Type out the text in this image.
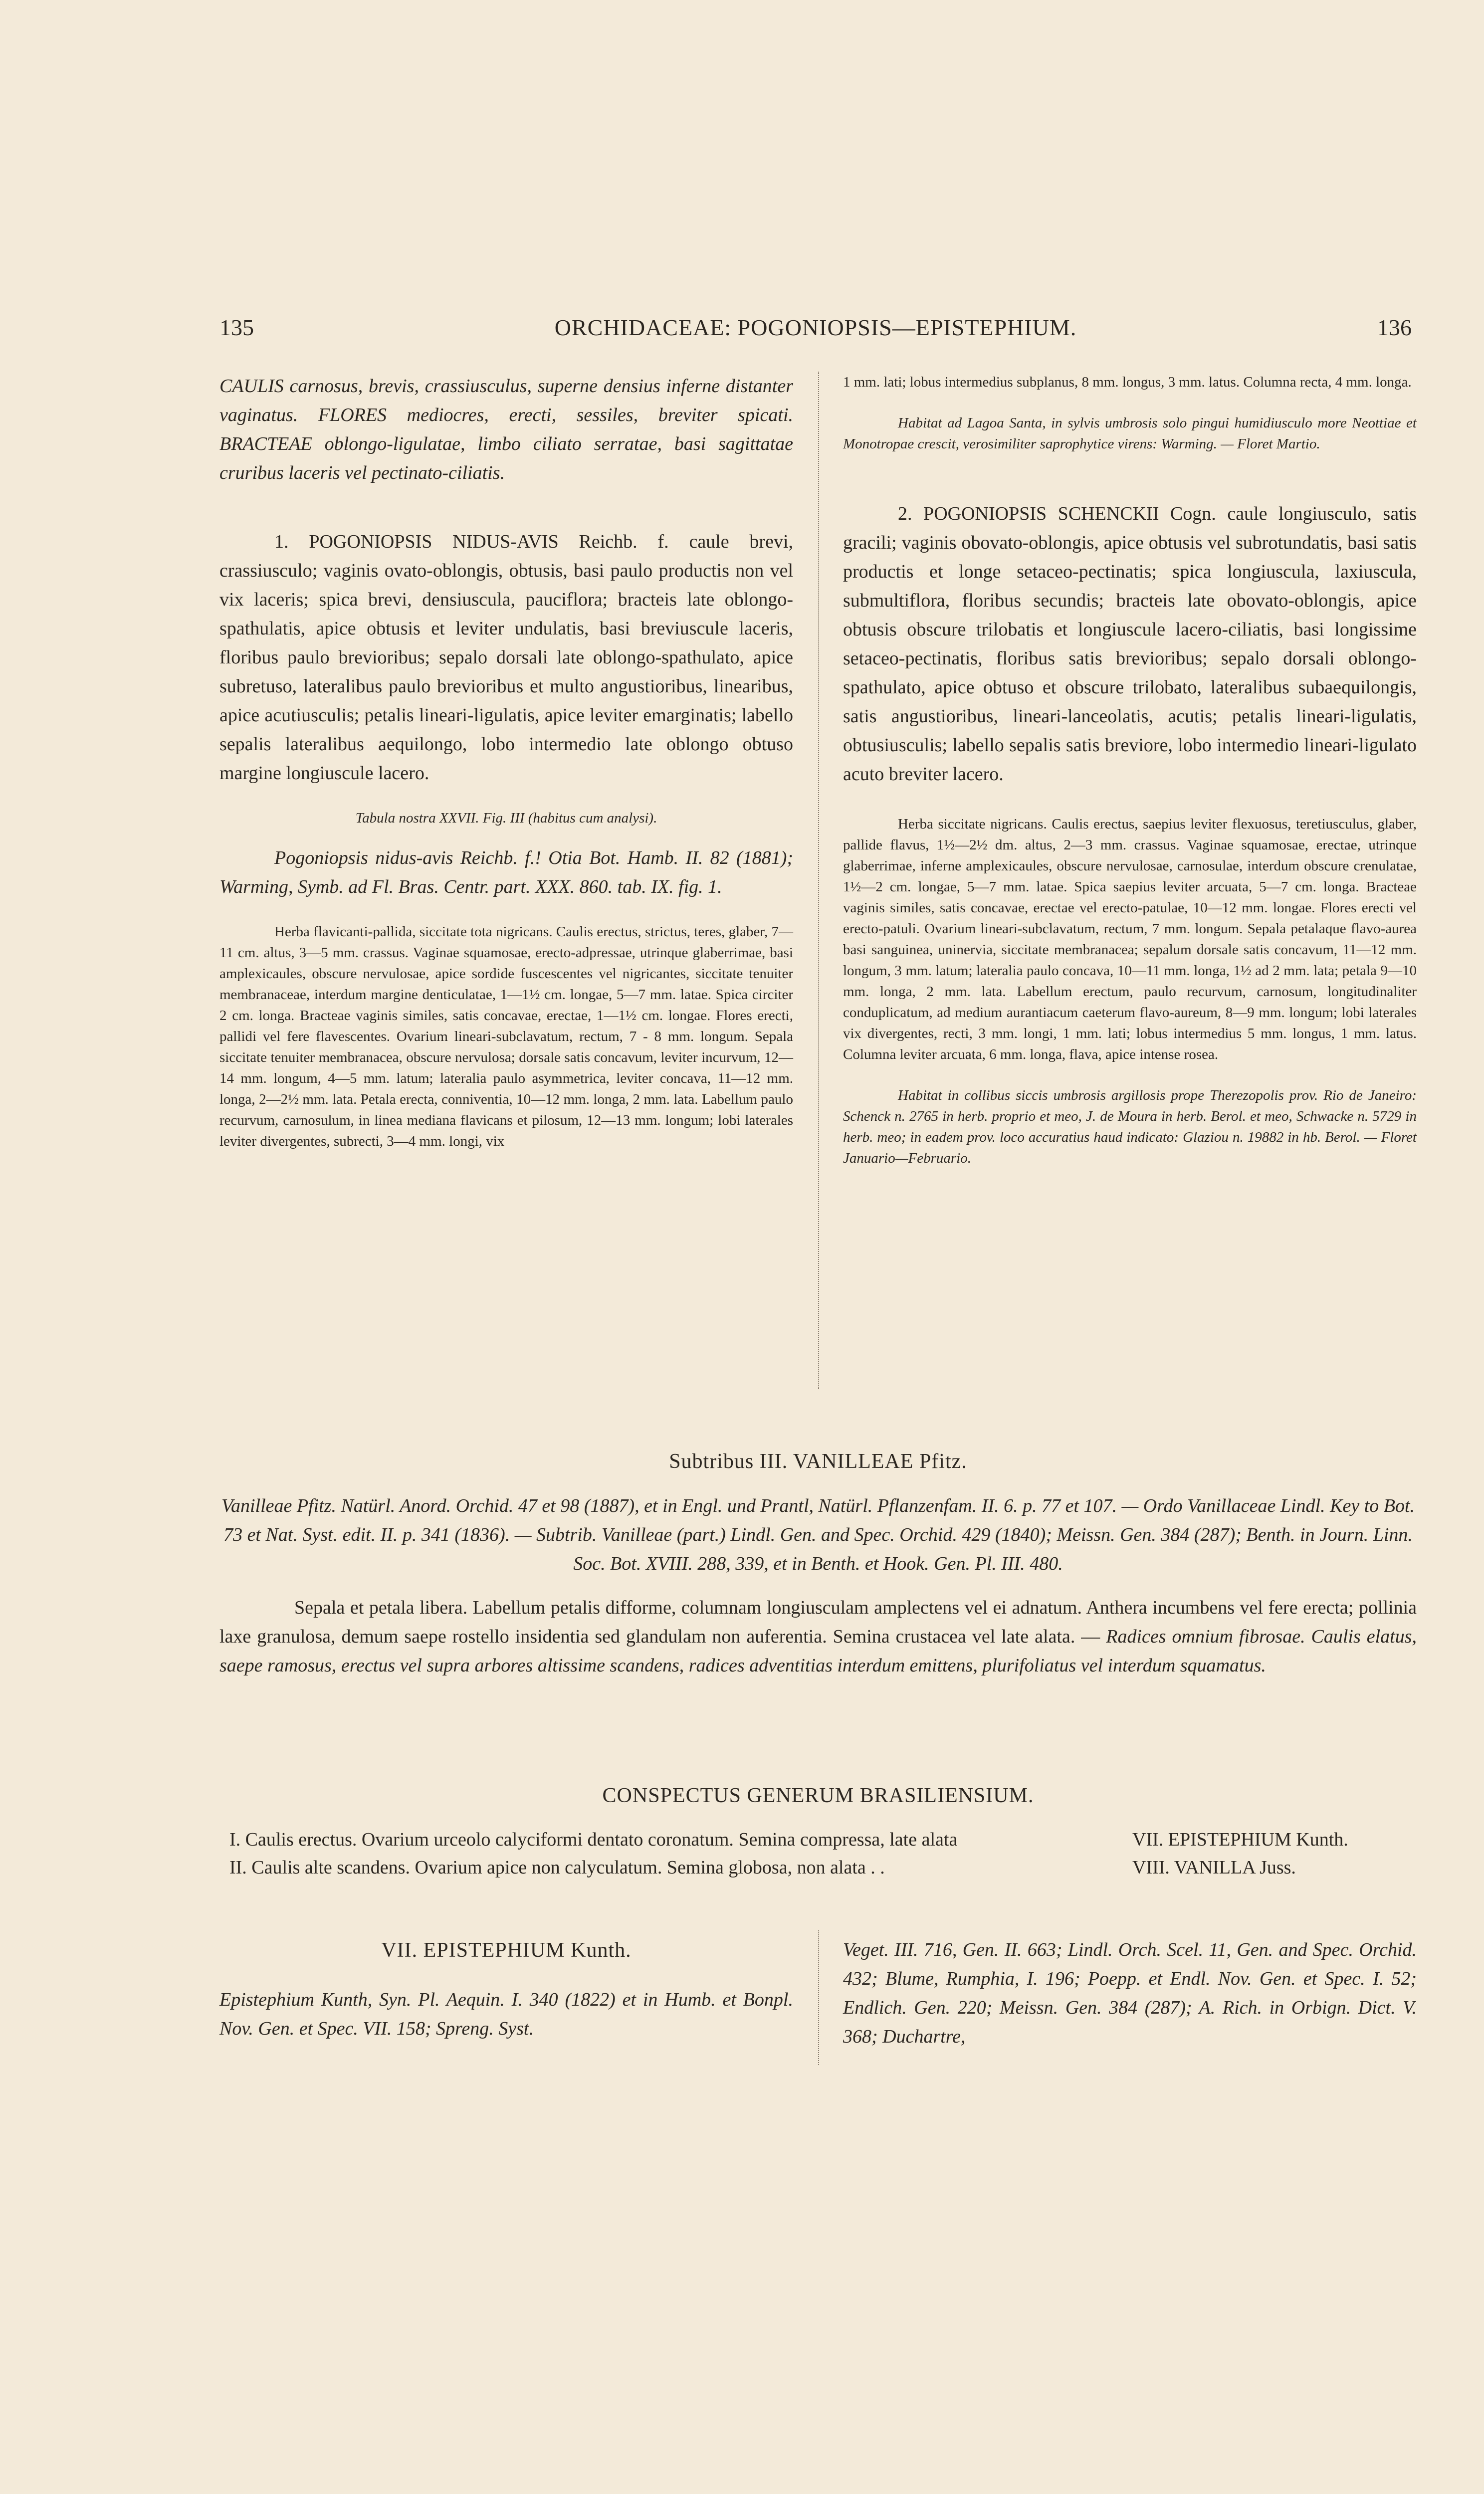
135	ORCHIDACEAE: POGONIOPSIS—EPISTEPHIUM.	136

CAULIS carnosus, brevis, crassiusculus, superne densius inferne distanter vaginatus. FLORES mediocres, erecti, sessiles, breviter spicati. BRACTEAE oblongo-ligulatae, limbo ciliato serratae, basi sagittatae cruribus laceris vel pectinato-ciliatis.

1. POGONIOPSIS NIDUS-AVIS Reichb. f. caule brevi, crassiusculo; vaginis ovato-oblongis, obtusis, basi paulo productis non vel vix laceris; spica brevi, densiuscula, pauciflora; bracteis late oblongo-spathulatis, apice obtusis et leviter undulatis, basi breviuscule laceris, floribus paulo brevioribus; sepalo dorsali late oblongo-spathulato, apice subretuso, lateralibus paulo brevioribus et multo angustioribus, linearibus, apice acutiusculis; petalis lineari-ligulatis, apice leviter emarginatis; labello sepalis lateralibus aequilongo, lobo intermedio late oblongo obtuso margine longiuscule lacero.

Tabula nostra XXVII. Fig. III (habitus cum analysi).

Pogoniopsis nidus-avis Reichb. f.! Otia Bot. Hamb. II. 82 (1881); Warming, Symb. ad Fl. Bras. Centr. part. XXX. 860. tab. IX. fig. 1.

Herba flavicanti-pallida, siccitate tota nigricans. Caulis erectus, strictus, teres, glaber, 7—11 cm. altus, 3—5 mm. crassus. Vaginae squamosae, erecto-adpressae, utrinque glaberrimae, basi amplexicaules, obscure nervulosae, apice sordide fuscescentes vel nigricantes, siccitate tenuiter membranaceae, interdum margine denticulatae, 1—1½ cm. longae, 5—7 mm. latae. Spica circiter 2 cm. longa. Bracteae vaginis similes, satis concavae, erectae, 1—1½ cm. longae. Flores erecti, pallidi vel fere flavescentes. Ovarium lineari-subclavatum, rectum, 7 - 8 mm. longum. Sepala siccitate tenuiter membranacea, obscure nervulosa; dorsale satis concavum, leviter incurvum, 12—14 mm. longum, 4—5 mm. latum; lateralia paulo asymmetrica, leviter concava, 11—12 mm. longa, 2—2½ mm. lata. Petala erecta, conniventia, 10—12 mm. longa, 2 mm. lata. Labellum paulo recurvum, carnosulum, in linea mediana flavicans et pilosum, 12—13 mm. longum; lobi laterales leviter divergentes, subrecti, 3—4 mm. longi, vix

1 mm. lati; lobus intermedius subplanus, 8 mm. longus, 3 mm. latus. Columna recta, 4 mm. longa.

Habitat ad Lagoa Santa, in sylvis umbrosis solo pingui humidiusculo more Neottiae et Monotropae crescit, verosimiliter saprophytice virens: Warming. — Floret Martio.

2. POGONIOPSIS SCHENCKII Cogn. caule longiusculo, satis gracili; vaginis obovato-oblongis, apice obtusis vel subrotundatis, basi satis productis et longe setaceo-pectinatis; spica longiuscula, laxiuscula, submultiflora, floribus secundis; bracteis late obovato-oblongis, apice obtusis obscure trilobatis et longiuscule lacero-ciliatis, basi longissime setaceo-pectinatis, floribus satis brevioribus; sepalo dorsali oblongo-spathulato, apice obtuso et obscure trilobato, lateralibus subaequilongis, satis angustioribus, lineari-lanceolatis, acutis; petalis lineari-ligulatis, obtusiusculis; labello sepalis satis breviore, lobo intermedio lineari-ligulato acuto breviter lacero.

Herba siccitate nigricans. Caulis erectus, saepius leviter flexuosus, teretiusculus, glaber, pallide flavus, 1½—2½ dm. altus, 2—3 mm. crassus. Vaginae squamosae, erectae, utrinque glaberrimae, inferne amplexicaules, obscure nervulosae, carnosulae, interdum obscure crenulatae, 1½—2 cm. longae, 5—7 mm. latae. Spica saepius leviter arcuata, 5—7 cm. longa. Bracteae vaginis similes, satis concavae, erectae vel erecto-patulae, 10—12 mm. longae. Flores erecti vel erecto-patuli. Ovarium lineari-subclavatum, rectum, 7 mm. longum. Sepala petalaque flavo-aurea basi sanguinea, uninervia, siccitate membranacea; sepalum dorsale satis concavum, 11—12 mm. longum, 3 mm. latum; lateralia paulo concava, 10—11 mm. longa, 1½ ad 2 mm. lata; petala 9—10 mm. longa, 2 mm. lata. Labellum erectum, paulo recurvum, carnosum, longitudinaliter conduplicatum, ad medium aurantiacum caeterum flavo-aureum, 8—9 mm. longum; lobi laterales vix divergentes, recti, 3 mm. longi, 1 mm. lati; lobus intermedius 5 mm. longus, 1 mm. latus. Columna leviter arcuata, 6 mm. longa, flava, apice intense rosea.

Habitat in collibus siccis umbrosis argillosis prope Therezopolis prov. Rio de Janeiro: Schenck n. 2765 in herb. proprio et meo, J. de Moura in herb. Berol. et meo, Schwacke n. 5729 in herb. meo; in eadem prov. loco accuratius haud indicato: Glaziou n. 19882 in hb. Berol. — Floret Januario—Februario.

Subtribus III. VANILLEAE Pfitz.

Vanilleae Pfitz. Natürl. Anord. Orchid. 47 et 98 (1887), et in Engl. und Prantl, Natürl. Pflanzenfam. II. 6. p. 77 et 107. — Ordo Vanillaceae Lindl. Key to Bot. 73 et Nat. Syst. edit. II. p. 341 (1836). — Subtrib. Vanilleae (part.) Lindl. Gen. and Spec. Orchid. 429 (1840); Meissn. Gen. 384 (287); Benth. in Journ. Linn. Soc. Bot. XVIII. 288, 339, et in Benth. et Hook. Gen. Pl. III. 480.

Sepala et petala libera. Labellum petalis difforme, columnam longiusculam amplectens vel ei adnatum. Anthera incumbens vel fere erecta; pollinia laxe granulosa, demum saepe rostello insidentia sed glandulam non auferentia. Semina crustacea vel late alata. — Radices omnium fibrosae. Caulis elatus, saepe ramosus, erectus vel supra arbores altissime scandens, radices adventitias interdum emittens, plurifoliatus vel interdum squamatus.

CONSPECTUS GENERUM BRASILIENSIUM.

I. Caulis erectus. Ovarium urceolo calyciformi dentato coronatum. Semina compressa, late alata	VII. EPISTEPHIUM Kunth.
II. Caulis alte scandens. Ovarium apice non calyculatum. Semina globosa, non alata . .	VIII. VANILLA Juss.

VII. EPISTEPHIUM Kunth.

Epistephium Kunth, Syn. Pl. Aequin. I. 340 (1822) et in Humb. et Bonpl. Nov. Gen. et Spec. VII. 158; Spreng. Syst.

Veget. III. 716, Gen. II. 663; Lindl. Orch. Scel. 11, Gen. and Spec. Orchid. 432; Blume, Rumphia, I. 196; Poepp. et Endl. Nov. Gen. et Spec. I. 52; Endlich. Gen. 220; Meissn. Gen. 384 (287); A. Rich. in Orbign. Dict. V. 368; Duchartre,
